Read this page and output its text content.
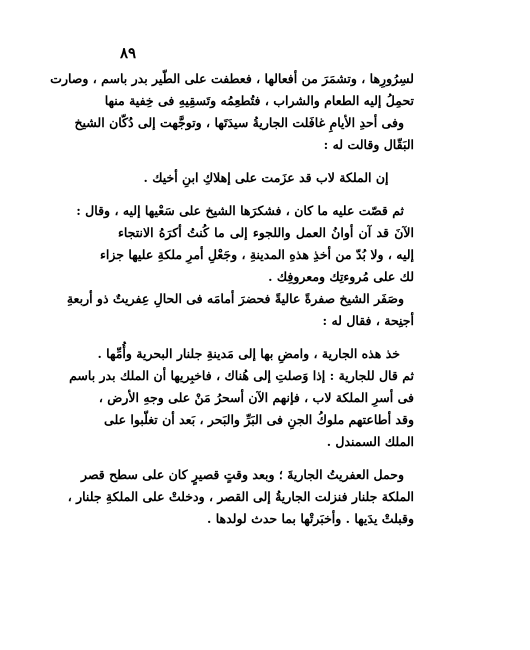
٨٩
لسِرُورِها ، وتشمَرَ من أفعالها ، فعطفت على الطّير بدر باسم ، وصارت
تحمِلُ إليه الطعام والشراب ، فتُطعِمُه وتَسقِيهِ فى خِفية منها
وفى أحدِ الأيامِ غافَلت الجاريةُ سيدَتَها ، وتوجَّهت إلى دُكّان الشيخ
البَقّال وقالت له :
إن الملكة لاب قد عزَمت على إهلاكِ ابنِ أخيك .
ثم قصّت عليه ما كان ، فشكرَها الشيخ على سَعْيها إليه ، وقال :
الآنَ قد آن أوانُ العمل واللجوء إلى ما كُنتُ أكرَهُ الانتجاء
إليه ، ولا بُدّ من أخذِ هذهِ المدينةِ ، وجَعْلِ أمرِ ملكةِ عليها جزاء
لك على مُروءتِك ومعروفِك .
وصَفَر الشيخ صفرةً عاليةً فحضرَ أمامَه فى الحالِ عِفريتٌ ذو أربعةِ
أجنِحة ، فقال له :
خذ هذه الجارية ، وامضِ بها إلى مَدينةِ جلنار البحرية وأُمِّها .
ثم قال للجارية : إذا وَصلتِ إلى هُناك ، فاخبِريها أن الملك بدر باسم
فى أسرِ الملكة لاب ، فإنهم الآن أسحرُ مَنْ على وجهِ الأرض ،
وقد أطاعتهم ملوكُ الجنِ فى البَرِّ والبَحر ، بَعد أن تغلّبوا على
الملك السمندل .
وحمل العفريتُ الجاريةَ ؛ وبعد وقتٍ قصيرٍ كان على سطح قصر
الملكة جلنار فنزلت الجاريةُ إلى القصر ، ودخلتْ على الملكةِ جلنار ،
وقبلتْ يدَيها . وأخبَرتْها بما حدث لولدها .
